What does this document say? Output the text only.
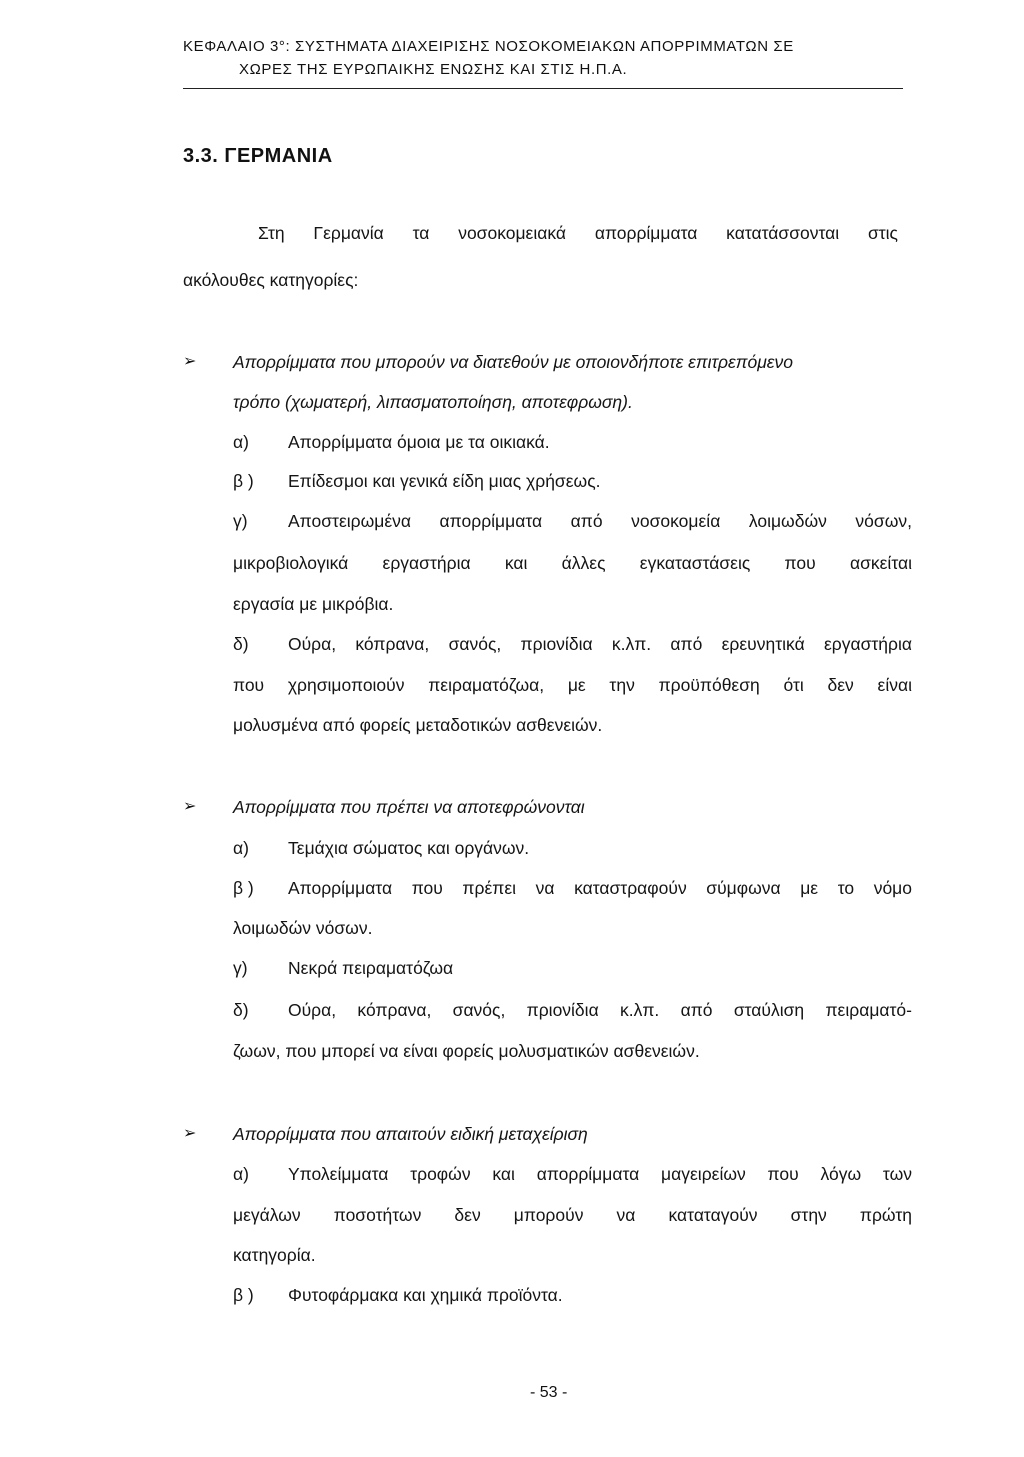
ΚΕΦΑΛΑΙΟ 3°: ΣΥΣΤΗΜΑΤΑ ΔΙΑΧΕΙΡΙΣΗΣ ΝΟΣΟΚΟΜΕΙΑΚΩΝ ΑΠΟΡΡΙΜΜΑΤΩΝ ΣΕ
ΧΩΡΕΣ ΤΗΣ ΕΥΡΩΠΑΙΚΗΣ ΕΝΩΣΗΣ ΚΑΙ ΣΤΙΣ Η.Π.Α.
3.3. ΓΕΡΜΑΝΙΑ
Στη Γερμανία τα νοσοκομειακά απορρίμματα κατατάσσονται στις
ακόλουθες κατηγορίες:
➢ Απορρίμματα που μπορούν να διατεθούν με οποιονδήποτε επιτρεπόμενο
τρόπο (χωματερή, λιπασματοποίηση, αποτεφρωση).
α) Απορρίμματα όμοια με τα οικιακά.
β ) Επίδεσμοι και γενικά είδη μιας χρήσεως.
γ) Αποστειρωμένα απορρίμματα από νοσοκομεία λοιμωδών νόσων,
μικροβιολογικά εργαστήρια και άλλες εγκαταστάσεις που ασκείται
εργασία με μικρόβια.
δ) Ούρα, κόπρανα, σανός, πριονίδια κ.λπ. από ερευνητικά εργαστήρια
που χρησιμοποιούν πειραματόζωα, με την προϋπόθεση ότι δεν είναι
μολυσμένα από φορείς μεταδοτικών ασθενειών.
➢ Απορρίμματα που πρέπει να αποτεφρώνονται
α) Τεμάχια σώματος και οργάνων.
β ) Απορρίμματα που πρέπει να καταστραφούν σύμφωνα με το νόμο
λοιμωδών νόσων.
γ) Νεκρά πειραματόζωα
δ) Ούρα, κόπρανα, σανός, πριονίδια κ.λπ. από σταύλιση πειραματό-
ζωων, που μπορεί να είναι φορείς μολυσματικών ασθενειών.
➢ Απορρίμματα που απαιτούν ειδική μεταχείριση
α) Υπολείμματα τροφών και απορρίμματα μαγειρείων που λόγω των
μεγάλων ποσοτήτων δεν μπορούν να καταταγούν στην πρώτη
κατηγορία.
β ) Φυτοφάρμακα και χημικά προϊόντα.
- 53 -
